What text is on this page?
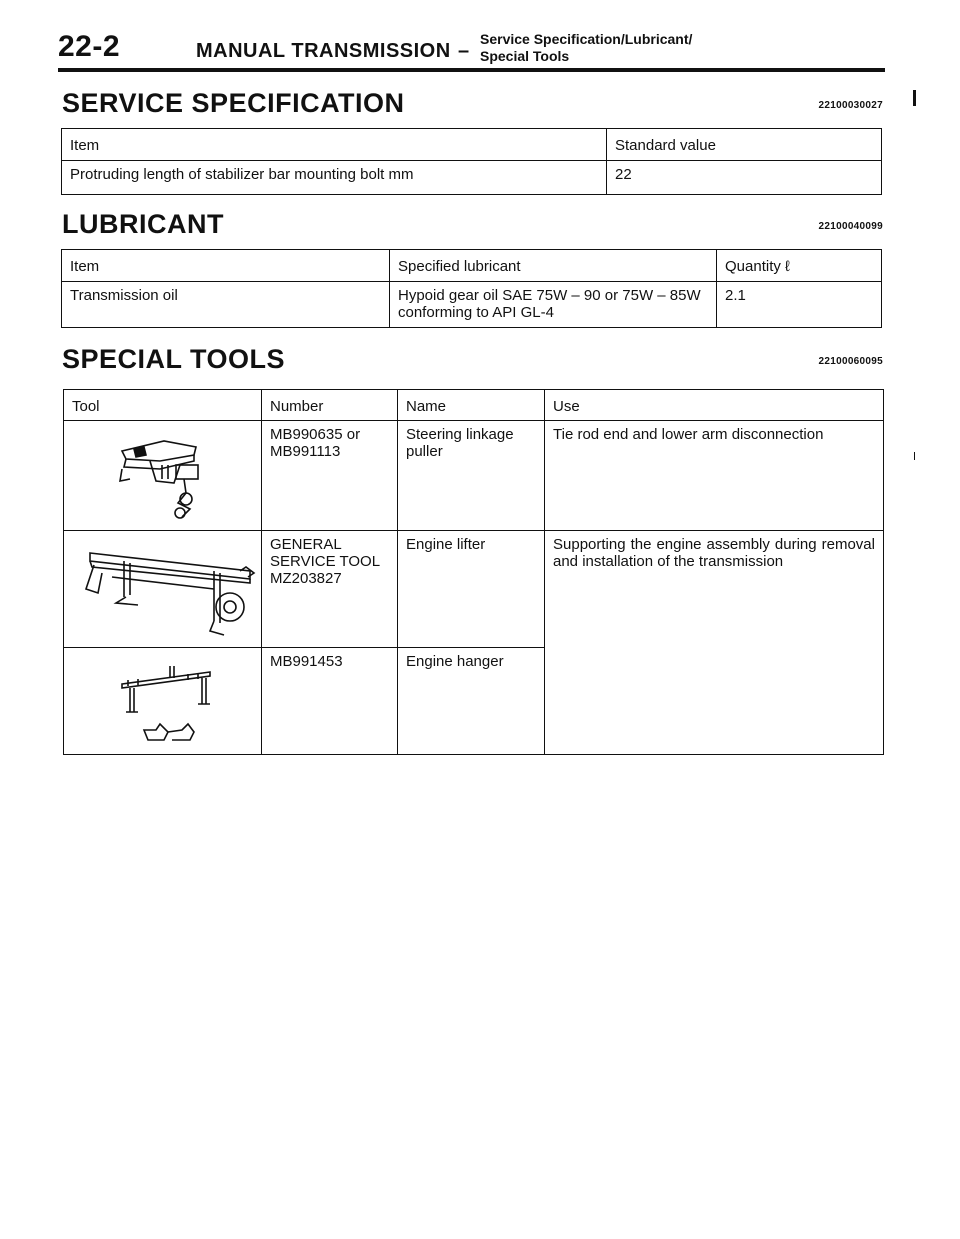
22-2	MANUAL TRANSMISSION –
Service Specification/Lubricant/
Special Tools
SERVICE SPECIFICATION	22100030027
Item	Standard value
Protruding length of stabilizer bar mounting bolt mm	22
LUBRICANT	22100040099
Item	Specified lubricant	Quantity ℓ
Transmission oil	Hypoid gear oil SAE 75W – 90 or 75W – 85W conforming to API GL-4	2.1
SPECIAL TOOLS	22100060095
Tool	Number	Name	Use

	MB990635 or MB991113	Steering linkage puller	Tie rod end and lower arm disconnection

	GENERAL SERVICE TOOL MZ203827	Engine lifter	Supporting the engine assembly during removal and installation of the transmission

	MB991453	Engine hanger	
